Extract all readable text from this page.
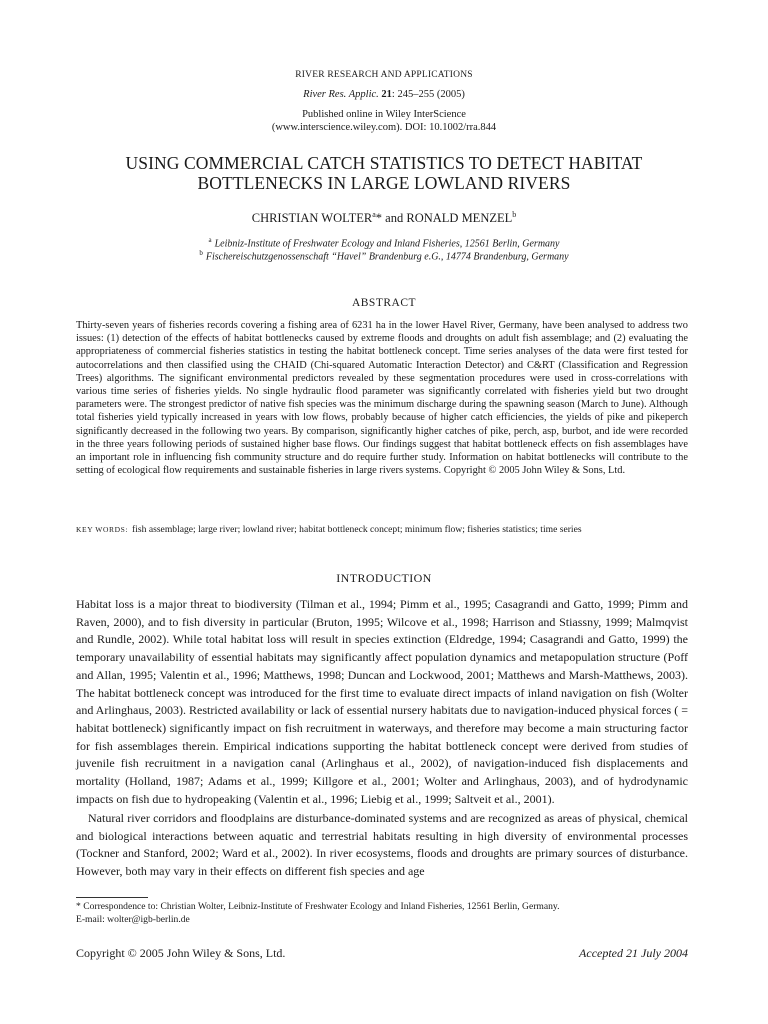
RIVER RESEARCH AND APPLICATIONS
River Res. Applic. 21: 245–255 (2005)
Published online in Wiley InterScience
(www.interscience.wiley.com). DOI: 10.1002/rra.844
USING COMMERCIAL CATCH STATISTICS TO DETECT HABITAT BOTTLENECKS IN LARGE LOWLAND RIVERS
CHRISTIAN WOLTER$^a$* and RONALD MENZEL$^b$
$^a$ Leibniz-Institute of Freshwater Ecology and Inland Fisheries, 12561 Berlin, Germany
$^b$ Fischereischutzgenossenschaft “Havel” Brandenburg e.G., 14774 Brandenburg, Germany
ABSTRACT
Thirty-seven years of fisheries records covering a fishing area of 6231 ha in the lower Havel River, Germany, have been analysed to address two issues: (1) detection of the effects of habitat bottlenecks caused by extreme floods and droughts on adult fish assemblage; and (2) evaluating the appropriateness of commercial fisheries statistics in testing the habitat bottleneck concept. Time series analyses of the data were first tested for autocorrelations and then classified using the CHAID (Chi-squared Automatic Interaction Detector) and C&RT (Classification and Regression Trees) algorithms. The significant environmental predictors revealed by these segmentation procedures were used in cross-correlations with various time series of fisheries yields. No single hydraulic flood parameter was significantly correlated with fisheries yield but two drought parameters were. The strongest predictor of native fish species was the minimum discharge during the spawning season (March to June). Although total fisheries yield typically increased in years with low flows, probably because of higher catch efficiencies, the yields of pike and pikeperch significantly decreased in the following two years. By comparison, significantly higher catches of pike, perch, asp, burbot, and ide were recorded in the three years following periods of sustained higher base flows. Our findings suggest that habitat bottleneck effects on fish assemblages have an important role in influencing fish community structure and do require further study. Information on habitat bottlenecks will contribute to the setting of ecological flow requirements and sustainable fisheries in large rivers systems. Copyright © 2005 John Wiley & Sons, Ltd.
KEY WORDS: fish assemblage; large river; lowland river; habitat bottleneck concept; minimum flow; fisheries statistics; time series
INTRODUCTION

Habitat loss is a major threat to biodiversity (Tilman et al., 1994; Pimm et al., 1995; Casagrandi and Gatto, 1999; Pimm and Raven, 2000), and to fish diversity in particular (Bruton, 1995; Wilcove et al., 1998; Harrison and Stiassny, 1999; Malmqvist and Rundle, 2002). While total habitat loss will result in species extinction (Eldredge, 1994; Casagrandi and Gatto, 1999) the temporary unavailability of essential habitats may significantly affect population dynamics and metapopulation structure (Poff and Allan, 1995; Valentin et al., 1996; Matthews, 1998; Duncan and Lockwood, 2001; Matthews and Marsh-Matthews, 2003). The habitat bottleneck concept was introduced for the first time to evaluate direct impacts of inland navigation on fish (Wolter and Arlinghaus, 2003). Restricted availability or lack of essential nursery habitats due to navigation-induced physical forces ( = habitat bottleneck) significantly impact on fish recruitment in waterways, and therefore may become a main structuring factor for fish assemblages therein. Empirical indications supporting the habitat bottleneck concept were derived from studies of juvenile fish recruitment in a navigation canal (Arlinghaus et al., 2002), of navigation-induced fish displacements and mortality (Holland, 1987; Adams et al., 1999; Killgore et al., 2001; Wolter and Arlinghaus, 2003), and of hydrodynamic impacts on fish due to hydropeaking (Valentin et al., 1996; Liebig et al., 1999; Saltveit et al., 2001).

Natural river corridors and floodplains are disturbance-dominated systems and are recognized as areas of physical, chemical and biological interactions between aquatic and terrestrial habitats resulting in high diversity of environmental processes (Tockner and Stanford, 2002; Ward et al., 2002). In river ecosystems, floods and droughts are primary sources of disturbance. However, both may vary in their effects on different fish species and age

* Correspondence to: Christian Wolter, Leibniz-Institute of Freshwater Ecology and Inland Fisheries, 12561 Berlin, Germany.
E-mail: wolter@igb-berlin.de
Copyright © 2005 John Wiley & Sons, Ltd.	Accepted 21 July 2004
